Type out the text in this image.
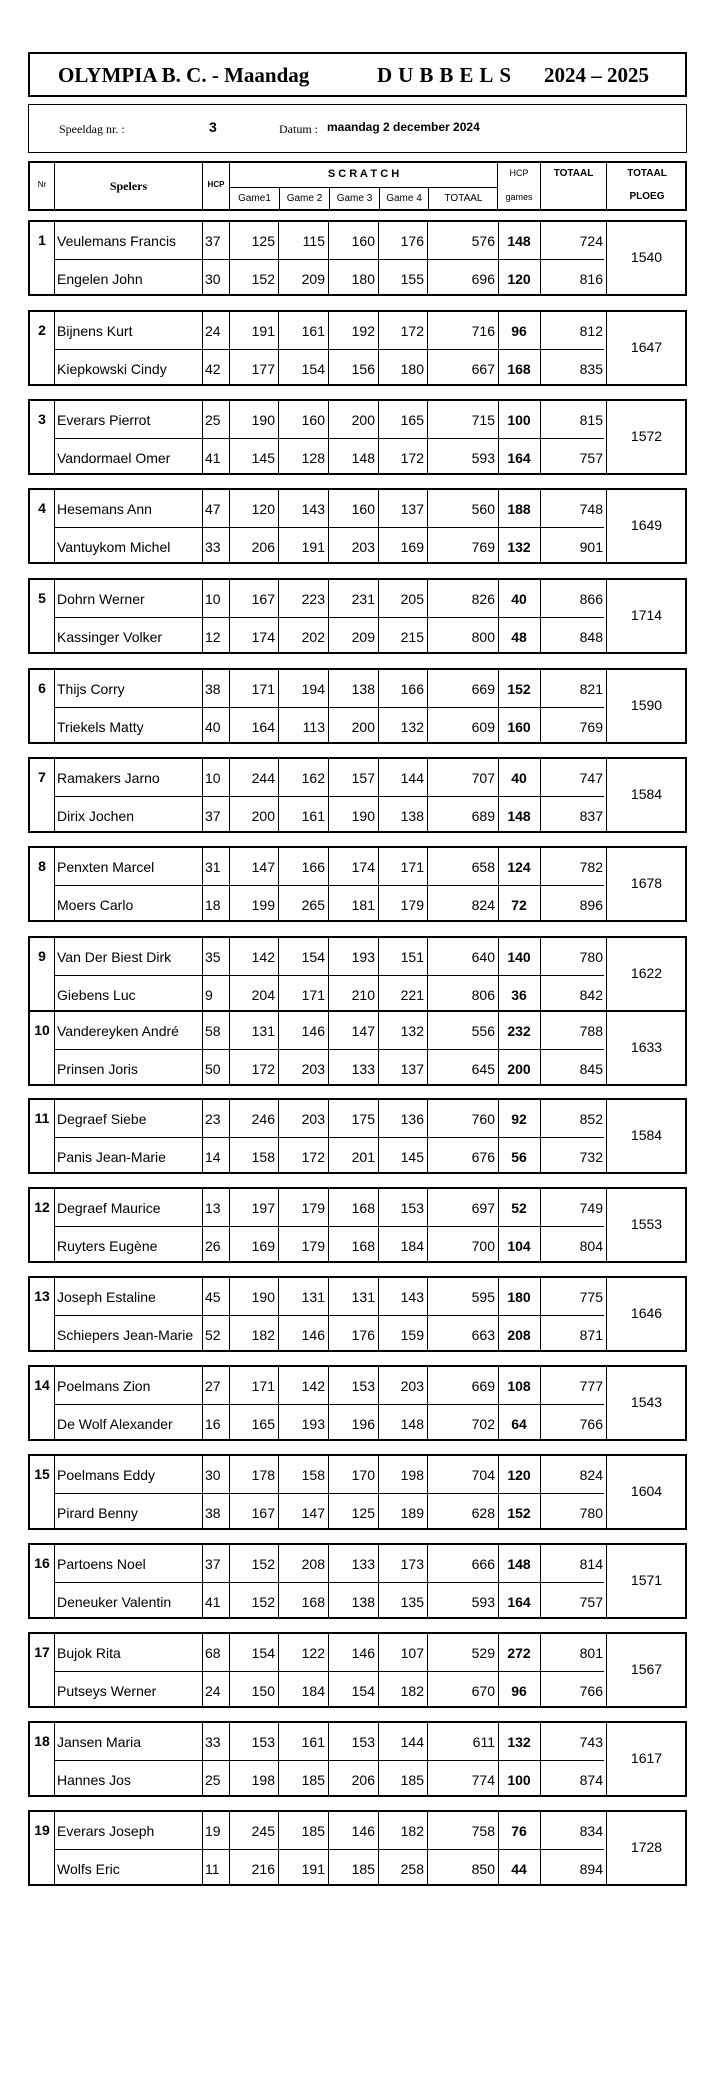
OLYMPIA B. C. - Maandag	DUBBELS 2024 – 2025
Speeldag nr. :	3	Datum : maandag 2 december 2024
Nr	Spelers	HCP
S C R A T C H
Game1	Game 2	Game 3	Game 4	TOTAAL
HCP
games
TOTAAL	TOTAAL
PLOEG
1 Veulemans Francis	37	125	115	160	176	576 148	724
Engelen John	30	152	209	180	155	696 120	816
1540
2 Bijnens Kurt	24	191	161	192	172	716	96	812
Kiepkowski Cindy	42	177	154	156	180	667 168	835
1647
3 Everars Pierrot	25	190	160	200	165	715 100	815
Vandormael Omer	41	145	128	148	172	593 164	757
1572
4 Hesemans Ann	47	120	143	160	137	560 188	748
Vantuykom Michel	33	206	191	203	169	769 132	901
1649
5 Dohrn Werner	10	167	223	231	205	826	40	866
Kassinger Volker	12	174	202	209	215	800	48	848
1714
6 Thijs Corry	38	171	194	138	166	669 152	821
Triekels Matty	40	164	113	200	132	609 160	769
1590
7 Ramakers Jarno	10	244	162	157	144	707	40	747
Dirix Jochen	37	200	161	190	138	689 148	837
1584
8 Penxten Marcel	31	147	166	174	171	658 124	782
Moers Carlo	18	199	265	181	179	824	72	896
1678
9 Van Der Biest Dirk	35	142	154	193	151	640 140	780
Giebens Luc	9	204	171	210	221	806	36	842
1622
10 Vandereyken André	58	131	146	147	132	556 232	788
Prinsen Joris	50	172	203	133	137	645 200	845
1633
11 Degraef Siebe	23	246	203	175	136	760	92	852
Panis Jean-Marie	14	158	172	201	145	676	56	732
1584
12 Degraef Maurice	13	197	179	168	153	697	52	749
Ruyters Eugène	26	169	179	168	184	700 104	804
1553
13 Joseph Estaline	45	190	131	131	143	595 180	775
Schiepers Jean-Marie 52	182	146	176	159	663 208	871
1646
14 Poelmans Zion	27	171	142	153	203	669 108	777
De Wolf Alexander	16	165	193	196	148	702	64	766
1543
15 Poelmans Eddy	30	178	158	170	198	704 120	824
Pirard Benny	38	167	147	125	189	628 152	780
1604
16 Partoens Noel	37	152	208	133	173	666 148	814
Deneuker Valentin	41	152	168	138	135	593 164	757
1571
17 Bujok Rita	68	154	122	146	107	529 272	801
Putseys Werner	24	150	184	154	182	670	96	766
1567
18 Jansen Maria	33	153	161	153	144	611 132	743
Hannes Jos	25	198	185	206	185	774 100	874
1617
19 Everars Joseph	19	245	185	146	182	758	76	834
Wolfs Eric	11	216	191	185	258	850	44	894
1728
